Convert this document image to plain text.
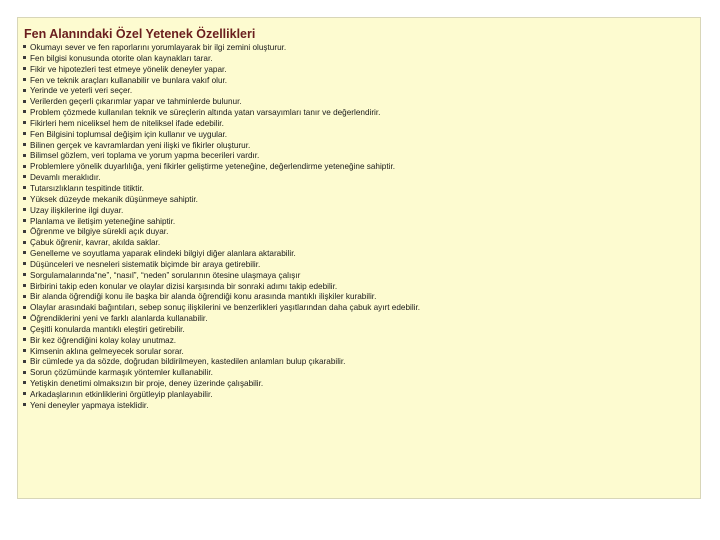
Fen Alanındaki Özel Yetenek Özellikleri
Okumayı sever ve fen raporlarını yorumlayarak bir ilgi zemini oluşturur.
Fen bilgisi konusunda otorite olan kaynakları tarar.
Fikir ve hipotezleri test etmeye yönelik deneyler yapar.
Fen ve teknik araçları kullanabilir ve bunlara vakıf olur.
Yerinde ve yeterli veri seçer.
Verilerden geçerli çıkarımlar yapar ve tahminlerde bulunur.
Problem çözmede kullanılan teknik ve süreçlerin altında yatan varsayımları tanır ve değerlendirir.
Fikirleri hem niceliksel hem de niteliksel ifade edebilir.
Fen Bilgisini toplumsal değişim için kullanır ve uygular.
Bilinen gerçek ve kavramlardan yeni ilişki ve fikirler oluşturur.
Bilimsel gözlem, veri toplama ve yorum yapma becerileri vardır.
Problemlere yönelik duyarlılığa, yeni fikirler geliştirme yeteneğine, değerlendirme yeteneğine sahiptir.
Devamlı meraklıdır.
Tutarsızlıkların tespitinde titiktir.
Yüksek düzeyde mekanik düşünmeye sahiptir.
Uzay ilişkilerine ilgi duyar.
Planlama ve iletişim yeteneğine sahiptir.
Öğrenme ve bilgiye sürekli açık duyar.
Çabuk öğrenir, kavrar, akılda saklar.
Genelleme ve soyutlama yaparak elindeki bilgiyi diğer alanlara aktarabilir.
Düşünceleri ve nesneleri sistematik biçimde bir araya getirebilir.
Sorgulamalarında“ne”, “nasıl”, “neden” sorularının ötesine ulaşmaya çalışır
Birbirini takip eden konular ve olaylar dizisi karşısında bir sonraki adımı takip edebilir.
Bir alanda öğrendiği konu ile başka bir alanda öğrendiği konu arasında mantıklı ilişkiler kurabilir.
Olaylar arasındaki bağıntıları, sebep sonuç ilişkilerini ve benzerlikleri yaşıtlarından daha çabuk ayırt edebilir.
Öğrendiklerini yeni ve farklı alanlarda kullanabilir.
Çeşitli konularda mantıklı eleştiri getirebilir.
Bir kez öğrendiğini kolay kolay unutmaz.
Kimsenin aklına gelmeyecek sorular sorar.
Bir cümlede ya da sözde, doğrudan bildirilmeyen, kastedilen anlamları bulup çıkarabilir.
Sorun çözümünde karmaşık yöntemler kullanabilir.
Yetişkin denetimi olmaksızın bir proje, deney üzerinde çalışabilir.
Arkadaşlarının etkinliklerini örgütleyip planlayabilir.
Yeni deneyler yapmaya isteklidir.
